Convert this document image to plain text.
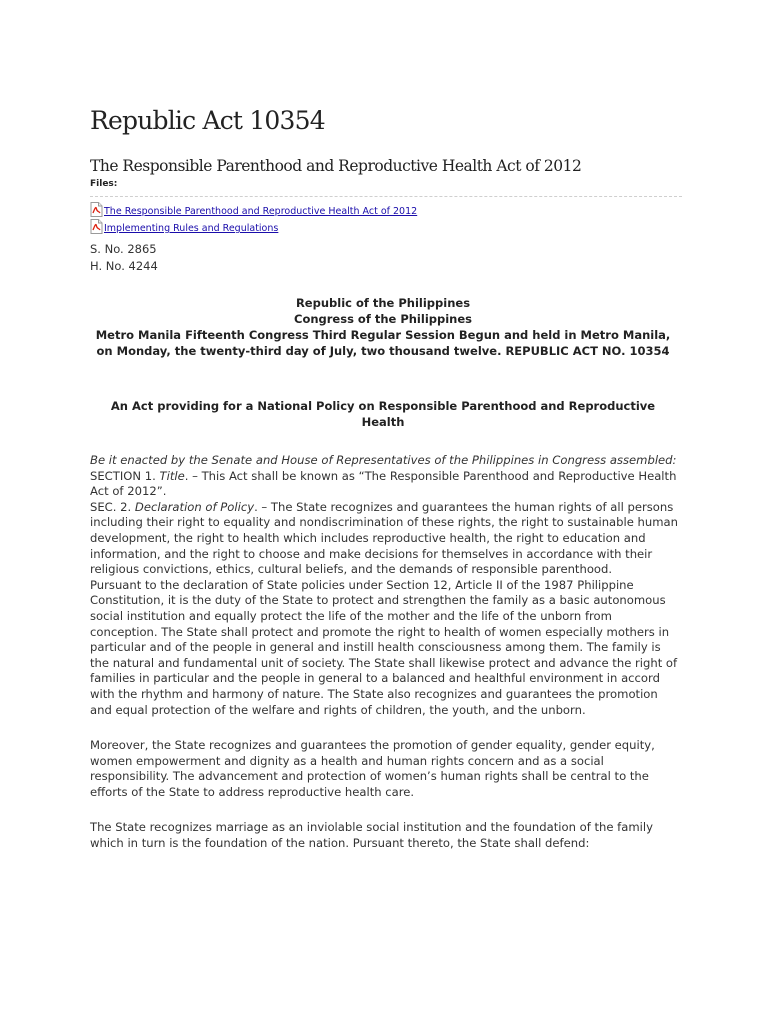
Republic Act 10354
The Responsible Parenthood and Reproductive Health Act of 2012
Files:
The Responsible Parenthood and Reproductive Health Act of 2012
Implementing Rules and Regulations
S. No. 2865
H. No. 4244
Republic of the Philippines
Congress of the Philippines
Metro Manila Fifteenth Congress Third Regular Session Begun and held in Metro Manila, on Monday, the twenty-third day of July, two thousand twelve. REPUBLIC ACT NO. 10354
An Act providing for a National Policy on Responsible Parenthood and Reproductive Health

Be it enacted by the Senate and House of Representatives of the Philippines in Congress assembled:

SECTION 1. Title. – This Act shall be known as “The Responsible Parenthood and Reproductive Health Act of 2012”.

SEC. 2. Declaration of Policy. – The State recognizes and guarantees the human rights of all persons including their right to equality and nondiscrimination of these rights, the right to sustainable human development, the right to health which includes reproductive health, the right to education and information, and the right to choose and make decisions for themselves in accordance with their religious convictions, ethics, cultural beliefs, and the demands of responsible parenthood.

Pursuant to the declaration of State policies under Section 12, Article II of the 1987 Philippine Constitution, it is the duty of the State to protect and strengthen the family as a basic autonomous social institution and equally protect the life of the mother and the life of the unborn from conception. The State shall protect and promote the right to health of women especially mothers in particular and of the people in general and instill health consciousness among them. The family is the natural and fundamental unit of society. The State shall likewise protect and advance the right of families in particular and the people in general to a balanced and healthful environment in accord with the rhythm and harmony of nature. The State also recognizes and guarantees the promotion and equal protection of the welfare and rights of children, the youth, and the unborn.

Moreover, the State recognizes and guarantees the promotion of gender equality, gender equity, women empowerment and dignity as a health and human rights concern and as a social responsibility. The advancement and protection of women’s human rights shall be central to the efforts of the State to address reproductive health care.

The State recognizes marriage as an inviolable social institution and the foundation of the family which in turn is the foundation of the nation. Pursuant thereto, the State shall defend:
